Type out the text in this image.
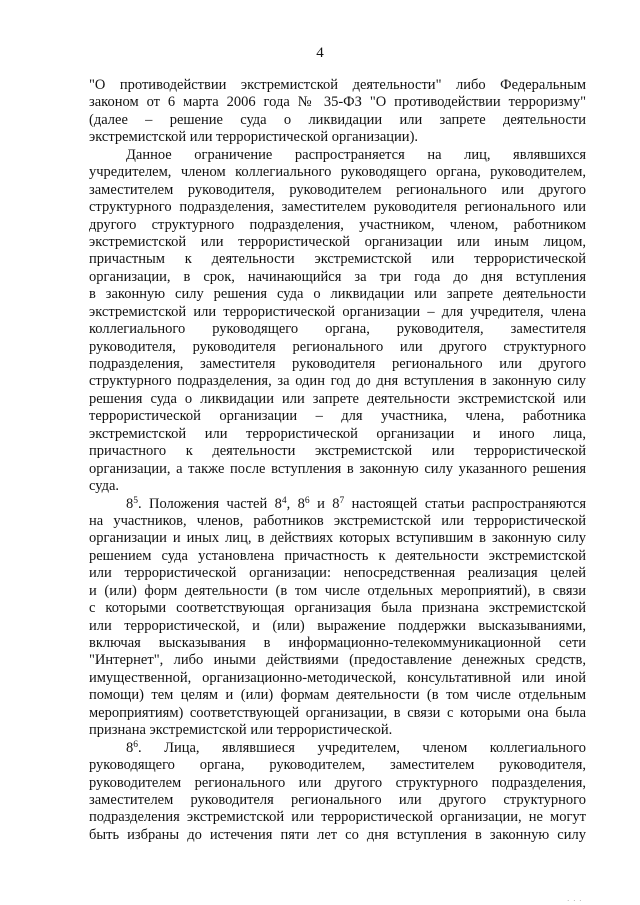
4

"О противодействии экстремистской деятельности" либо Федеральным
законом от 6 марта 2006 года № 35-ФЗ "О противодействии терроризму"
(далее – решение суда о ликвидации или запрете деятельности
экстремистской или террористической организации).

Данное ограничение распространяется на лиц, являвшихся
учредителем, членом коллегиального руководящего органа, руководителем,
заместителем руководителя, руководителем регионального или другого
структурного подразделения, заместителем руководителя регионального или
другого структурного подразделения, участником, членом, работником
экстремистской или террористической организации или иным лицом,
причастным к деятельности экстремистской или террористической
организации, в срок, начинающийся за три года до дня вступления
в законную силу решения суда о ликвидации или запрете деятельности
экстремистской или террористической организации – для учредителя, члена
коллегиального руководящего органа, руководителя, заместителя
руководителя, руководителя регионального или другого структурного
подразделения, заместителя руководителя регионального или другого
структурного подразделения, за один год до дня вступления в законную силу
решения суда о ликвидации или запрете деятельности экстремистской или
террористической организации – для участника, члена, работника
экстремистской или террористической организации и иного лица,
причастного к деятельности экстремистской или террористической
организации, а также после вступления в законную силу указанного решения
суда.

$8^5$. Положения частей $8^4$, $8^6$ и $8^7$ настоящей статьи распространяются
на участников, членов, работников экстремистской или террористической
организации и иных лиц, в действиях которых вступившим в законную силу
решением суда установлена причастность к деятельности экстремистской
или террористической организации: непосредственная реализация целей
и (или) форм деятельности (в том числе отдельных мероприятий), в связи
с которыми соответствующая организация была признана экстремистской
или террористической, и (или) выражение поддержки высказываниями,
включая высказывания в информационно-телекоммуникационной сети
"Интернет", либо иными действиями (предоставление денежных средств,
имущественной, организационно-методической, консультативной или иной
помощи) тем целям и (или) формам деятельности (в том числе отдельным
мероприятиям) соответствующей организации, в связи с которыми она была
признана экстремистской или террористической.

$8^6$. Лица, являвшиеся учредителем, членом коллегиального
руководящего органа, руководителем, заместителем руководителя,
руководителем регионального или другого структурного подразделения,
заместителем руководителя регионального или другого структурного
подразделения экстремистской или террористической организации, не могут
быть избраны до истечения пяти лет со дня вступления в законную силу

· · ·
